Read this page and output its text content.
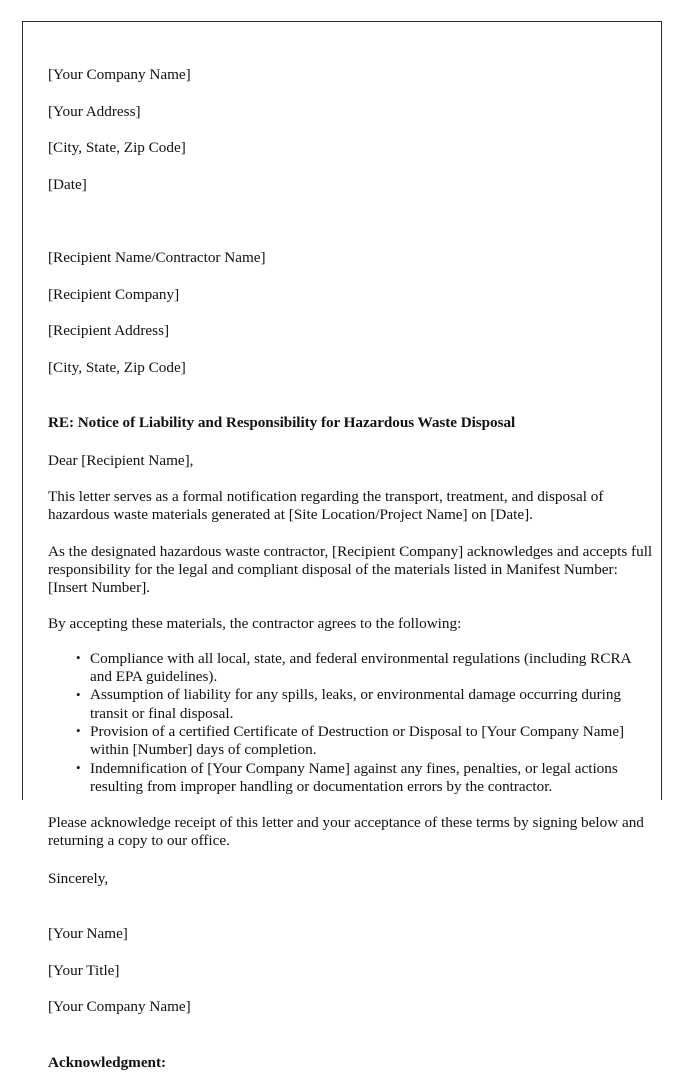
[Your Company Name]

[Your Address]

[City, State, Zip Code]

[Date]

[Recipient Name/Contractor Name]

[Recipient Company]

[Recipient Address]

[City, State, Zip Code]

RE: Notice of Liability and Responsibility for Hazardous Waste Disposal
Dear [Recipient Name],

This letter serves as a formal notification regarding the transport, treatment, and disposal of hazardous waste materials generated at [Site Location/Project Name] on [Date].

As the designated hazardous waste contractor, [Recipient Company] acknowledges and accepts full responsibility for the legal and compliant disposal of the materials listed in Manifest Number: [Insert Number].

By accepting these materials, the contractor agrees to the following:

• Compliance with all local, state, and federal environmental regulations (including RCRA and EPA guidelines).
• Assumption of liability for any spills, leaks, or environmental damage occurring during transit or final disposal.
• Provision of a certified Certificate of Destruction or Disposal to [Your Company Name] within [Number] days of completion.
• Indemnification of [Your Company Name] against any fines, penalties, or legal actions resulting from improper handling or documentation errors by the contractor.

Please acknowledge receipt of this letter and your acceptance of these terms by signing below and returning a copy to our office.

Sincerely,

[Your Name]

[Your Title]

[Your Company Name]

Acknowledgment:
